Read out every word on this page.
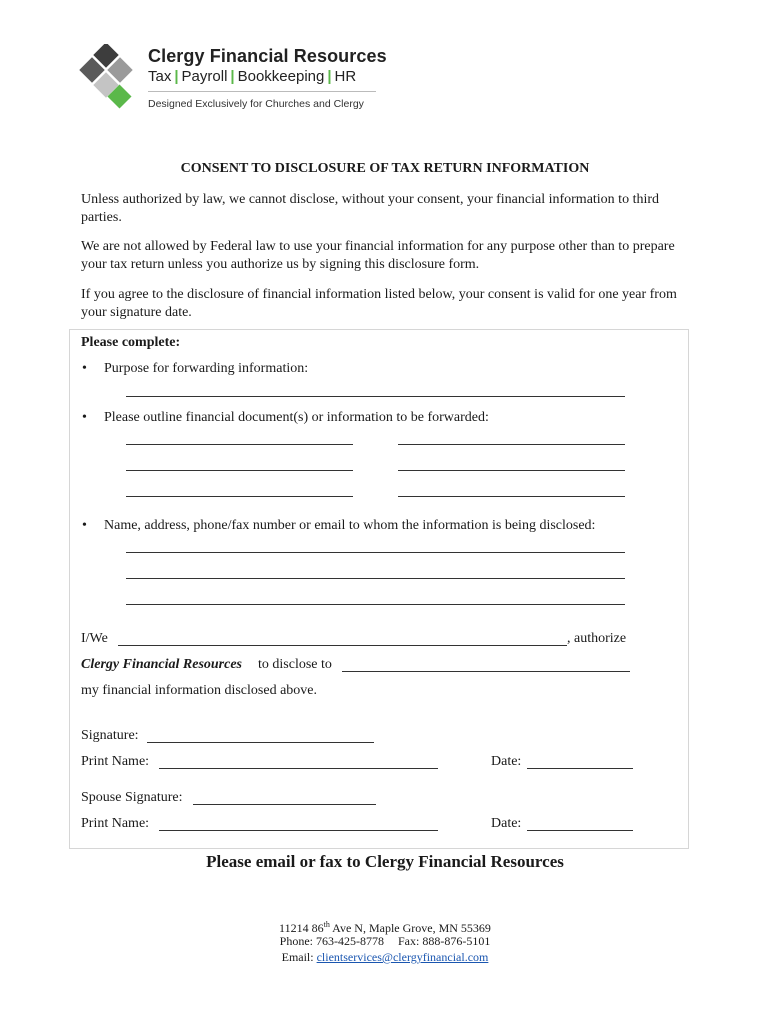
Clergy Financial Resources
Tax | Payroll | Bookkeeping | HR
Designed Exclusively for Churches and Clergy
CONSENT TO DISCLOSURE OF TAX RETURN INFORMATION
Unless authorized by law, we cannot disclose, without your consent, your financial information to third parties.
We are not allowed by Federal law to use your financial information for any purpose other than to prepare your tax return unless you authorize us by signing this disclosure form.
If you agree to the disclosure of financial information listed below, your consent is valid for one year from your signature date.
Please complete:
• Purpose for forwarding information:
• Please outline financial document(s) or information to be forwarded:
• Name, address, phone/fax number or email to whom the information is being disclosed:
I/We	, authorize
Clergy Financial Resources to disclose to
my financial information disclosed above.
Signature:
Print Name:	Date:
Spouse Signature:
Print Name:	Date:
Please email or fax to Clergy Financial Resources
11214 86th Ave N, Maple Grove, MN 55369
Phone: 763-425-8778 Fax: 888-876-5101
Email: clientservices@clergyfinancial.com
